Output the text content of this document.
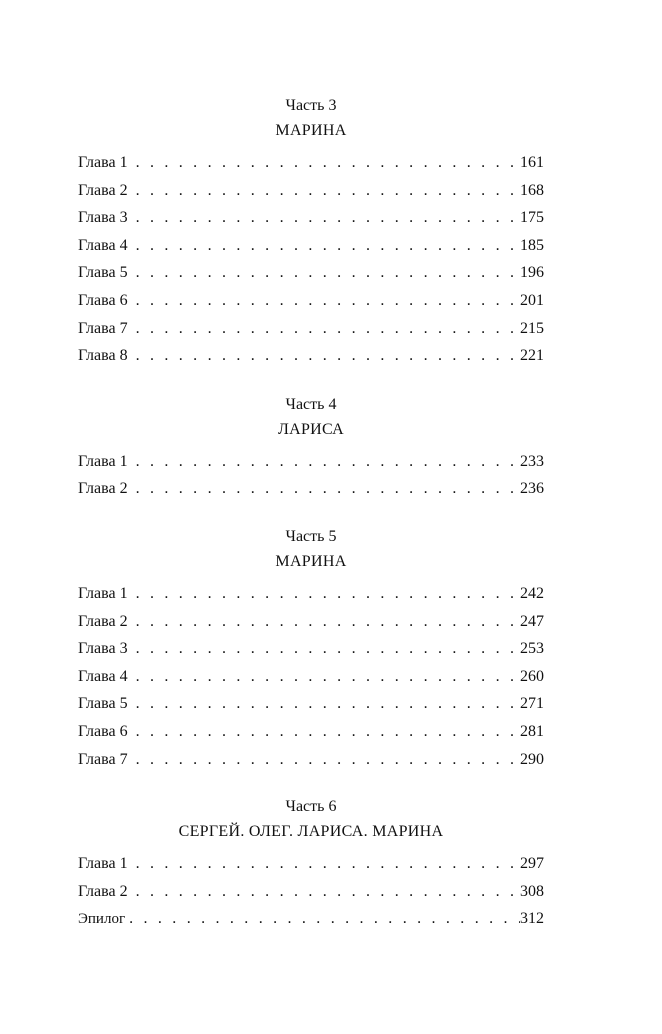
Часть 3
МАРИНА
Глава 1 . . .	161
Глава 2 . . .	168
Глава 3 . . .	175
Глава 4 . . .	185
Глава 5 . . .	196
Глава 6 . . .	201
Глава 7 . . .	215
Глава 8 . . .	221
Часть 4
ЛАРИСА
Глава 1 . . .	233
Глава 2 . . .	236
Часть 5
МАРИНА
Глава 1 . . .	242
Глава 2 . . .	247
Глава 3 . . .	253
Глава 4 . . .	260
Глава 5 . . .	271
Глава 6 . . .	281
Глава 7 . . .	290
Часть 6
СЕРГЕЙ. ОЛЕГ. ЛАРИСА. МАРИНА
Глава 1 . . .	297
Глава 2 . . .	308
Эпилог . . .	312
